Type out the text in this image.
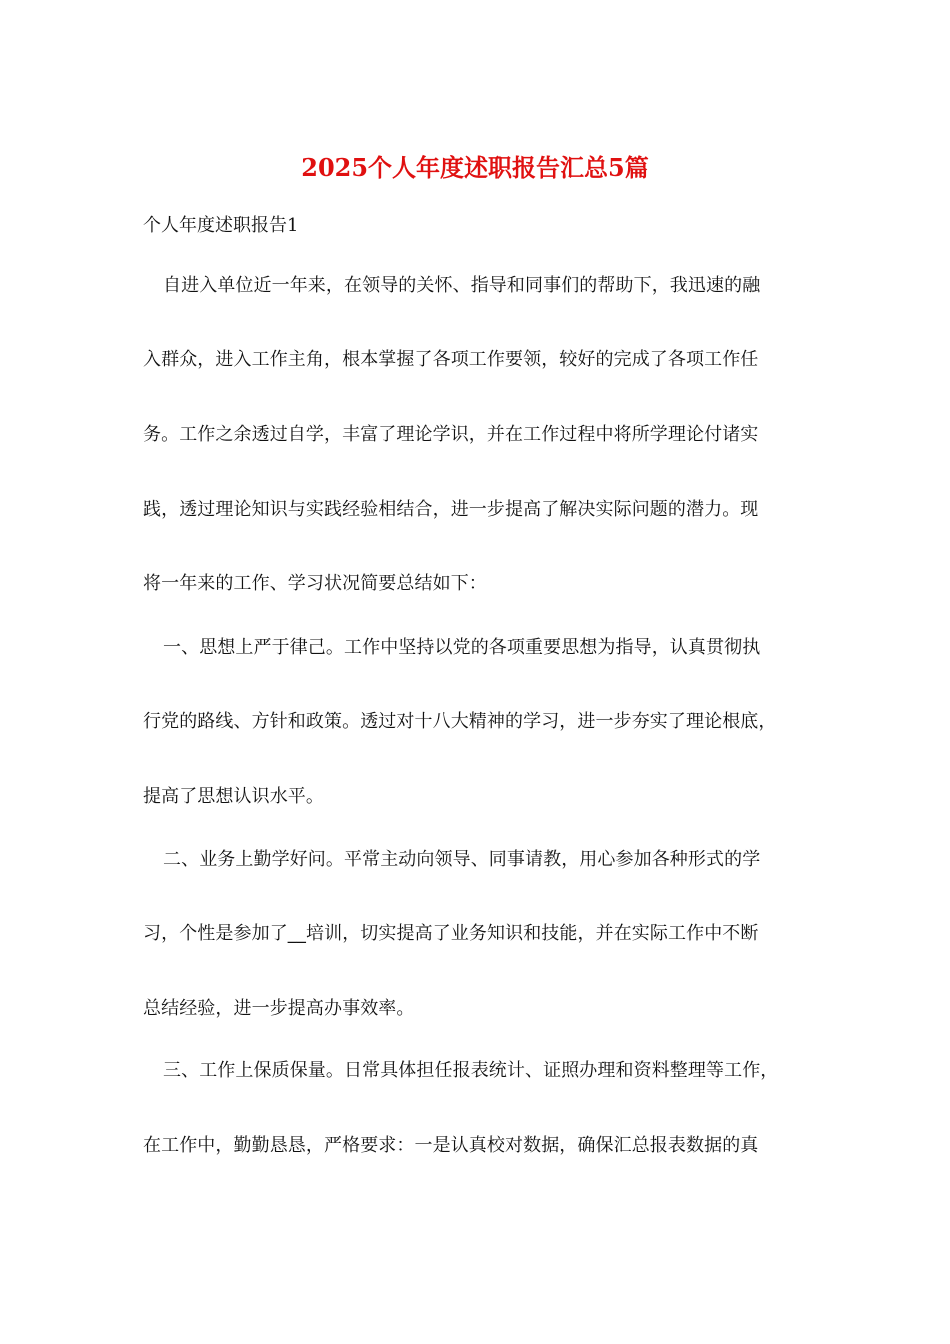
2025个人年度述职报告汇总5篇

个人年度述职报告1

自进入单位近一年来，在领导的关怀、指导和同事们的帮助下，我迅速的融

入群众，进入工作主角，根本掌握了各项工作要领，较好的完成了各项工作任

务。工作之余透过自学，丰富了理论学识，并在工作过程中将所学理论付诸实

践，透过理论知识与实践经验相结合，进一步提高了解决实际问题的潜力。现

将一年来的工作、学习状况简要总结如下：

一、思想上严于律己。工作中坚持以党的各项重要思想为指导，认真贯彻执

行党的路线、方针和政策。透过对十八大精神的学习，进一步夯实了理论根底，

提高了思想认识水平。

二、业务上勤学好问。平常主动向领导、同事请教，用心参加各种形式的学

习，个性是参加了__培训，切实提高了业务知识和技能，并在实际工作中不断

总结经验，进一步提高办事效率。

三、工作上保质保量。日常具体担任报表统计、证照办理和资料整理等工作，

在工作中，勤勤恳恳，严格要求：一是认真校对数据，确保汇总报表数据的真
